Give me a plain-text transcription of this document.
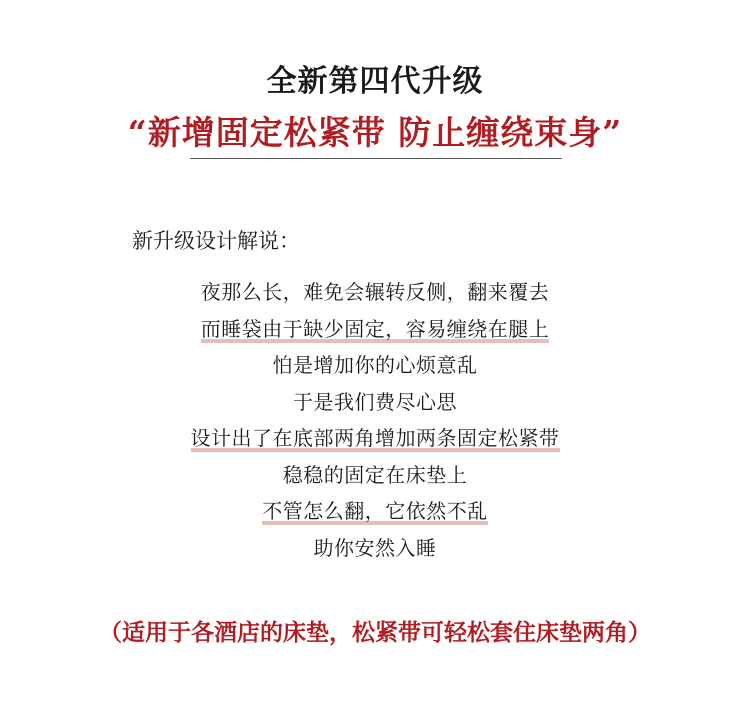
全新第四代升级
“新增固定松紧带 防止缠绕束身”
新升级设计解说：
夜那么长，难免会辗转反侧，翻来覆去
而睡袋由于缺少固定，容易缠绕在腿上
怕是增加你的心烦意乱
于是我们费尽心思
设计出了在底部两角增加两条固定松紧带
稳稳的固定在床垫上
不管怎么翻，它依然不乱
助你安然入睡
（适用于各酒店的床垫，松紧带可轻松套住床垫两角）
